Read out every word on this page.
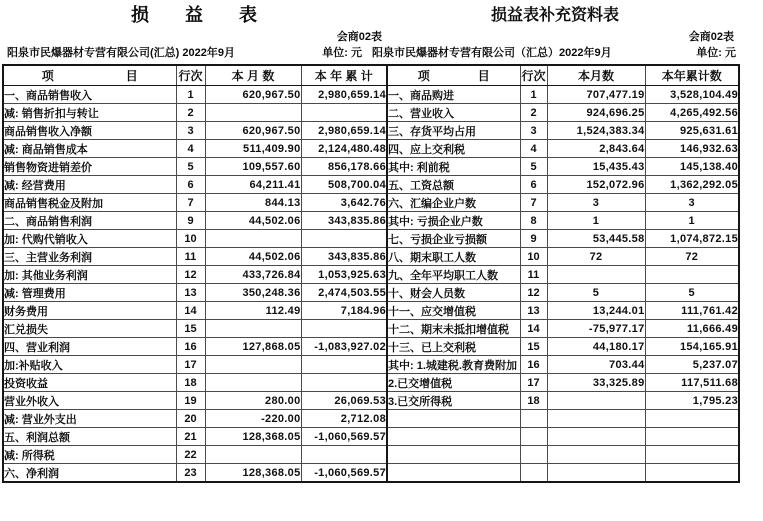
损　　益　　表
会商02表
阳泉市民爆器材专营有限公司(汇总) 2022年9月	单位: 元
项　　　　　　目	行次	本 月 数	本 年 累 计
一、商品销售收入	1	620,967.50	2,980,659.14
减: 销售折扣与转让	2		
商品销售收入净额	3	620,967.50	2,980,659.14
减: 商品销售成本	4	511,409.90	2,124,480.48
销售物资进销差价	5	109,557.60	856,178.66
减: 经营费用	6	64,211.41	508,700.04
商品销售税金及附加	7	844.13	3,642.76
二、商品销售利润	9	44,502.06	343,835.86
加: 代购代销收入	10		
三、主营业务利润	11	44,502.06	343,835.86
加: 其他业务利润	12	433,726.84	1,053,925.63
减: 管理费用	13	350,248.36	2,474,503.55
财务费用	14	112.49	7,184.96
汇兑损失	15		
四、营业利润	16	127,868.05	-1,083,927.02
加:补贴收入	17		
投资收益	18		
营业外收入	19	280.00	26,069.53
减: 营业外支出	20	-220.00	2,712.08
五、利润总额	21	128,368.05	-1,060,569.57
减: 所得税	22		
六、净利润	23	128,368.05	-1,060,569.57
损益表补充资料表
会商02表
阳泉市民爆器材专营有限公司（汇总）2022年9月	单位: 元
项　　　　目	行次	本月数	本年累计数
一、商品购进	1	707,477.19	3,528,104.49
二、营业收入	2	924,696.25	4,265,492.56
三、存货平均占用	3	1,524,383.34	925,631.61
四、应上交利税	4	2,843.64	146,932.63
其中: 利前税	5	15,435.43	145,138.40
五、工资总额	6	152,072.96	1,362,292.05
六、汇编企业户数	7	3	3
其中: 亏损企业户数	8	1	1
七、亏损企业亏损额	9	53,445.58	1,074,872.15
八、期末职工人数	10	72	72
九、全年平均职工人数	11		
十、财会人员数	12	5	5
十一、应交增值税	13	13,244.01	111,761.42
十二、期末未抵扣增值税	14	-75,977.17	11,666.49
十三、已上交利税	15	44,180.17	154,165.91
其中: 1.城建税.教育费附加	16	703.44	5,237.07
2.已交增值税	17	33,325.89	117,511.68
3.已交所得税	18		1,795.23
